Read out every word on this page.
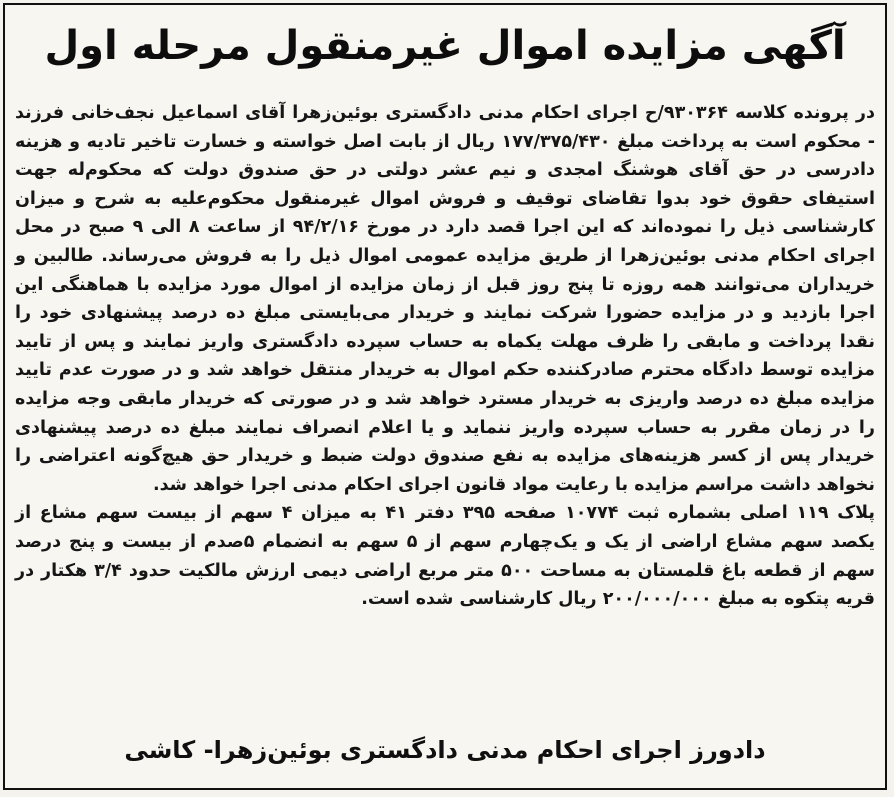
آگهی مزایده اموال غیرمنقول مرحله اول

در پرونده کلاسه ۹۳۰۳۶۴/ح اجرای احکام مدنی دادگستری بوئین‌زهرا آقای اسماعیل نجف‌خانی فرزند - محکوم است به پرداخت مبلغ ۱۷۷/۳۷۵/۴۳۰ ریال از بابت اصل خواسته و خسارت تاخیر تادیه و هزینه دادرسی در حق آقای هوشنگ امجدی و نیم عشر دولتی در حق صندوق دولت که محکوم‌له جهت استیفای حقوق خود بدوا تقاضای توقیف و فروش اموال غیرمنقول محکوم‌علیه به شرح و میزان کارشناسی ذیل را نموده‌اند که این اجرا قصد دارد در مورخ ۹۴/۲/۱۶ از ساعت ۸ الی ۹ صبح در محل اجرای احکام مدنی بوئین‌زهرا از طریق مزایده عمومی اموال ذیل را به فروش می‌رساند. طالبین و خریداران می‌توانند همه روزه تا پنج روز قبل از زمان مزایده از اموال مورد مزایده با هماهنگی این اجرا بازدید و در مزایده حضورا شرکت نمایند و خریدار می‌بایستی مبلغ ده درصد پیشنهادی خود را نقدا پرداخت و مابقی را ظرف مهلت یکماه به حساب سپرده دادگستری واریز نمایند و پس از تایید مزایده توسط دادگاه محترم صادرکننده حکم اموال به خریدار منتقل خواهد شد و در صورت عدم تایید مزایده مبلغ ده درصد واریزی به خریدار مسترد خواهد شد و در صورتی که خریدار مابقی وجه مزایده را در زمان مقرر به حساب سپرده واریز ننماید و یا اعلام انصراف نمایند مبلغ ده درصد پیشنهادی خریدار پس از کسر هزینه‌های مزایده به نفع صندوق دولت ضبط و خریدار حق هیچ‌گونه اعتراضی را نخواهد داشت مراسم مزایده با رعایت مواد قانون اجرای احکام مدنی اجرا خواهد شد.

پلاک ۱۱۹ اصلی بشماره ثبت ۱۰۷۷۴ صفحه ۳۹۵ دفتر ۴۱ به میزان ۴ سهم از بیست سهم مشاع از یکصد سهم مشاع اراضی از یک و یک‌چهارم سهم از ۵ سهم به انضمام ۵صدم از بیست و پنج درصد سهم از قطعه باغ قلمستان به مساحت ۵۰۰ متر مربع اراضی دیمی ارزش مالکیت حدود ۳/۴ هکتار در قریه پتکوه به مبلغ ۲۰۰/۰۰۰/۰۰۰ ریال کارشناسی شده است.

دادورز اجرای احکام مدنی دادگستری بوئین‌زهرا- کاشی
